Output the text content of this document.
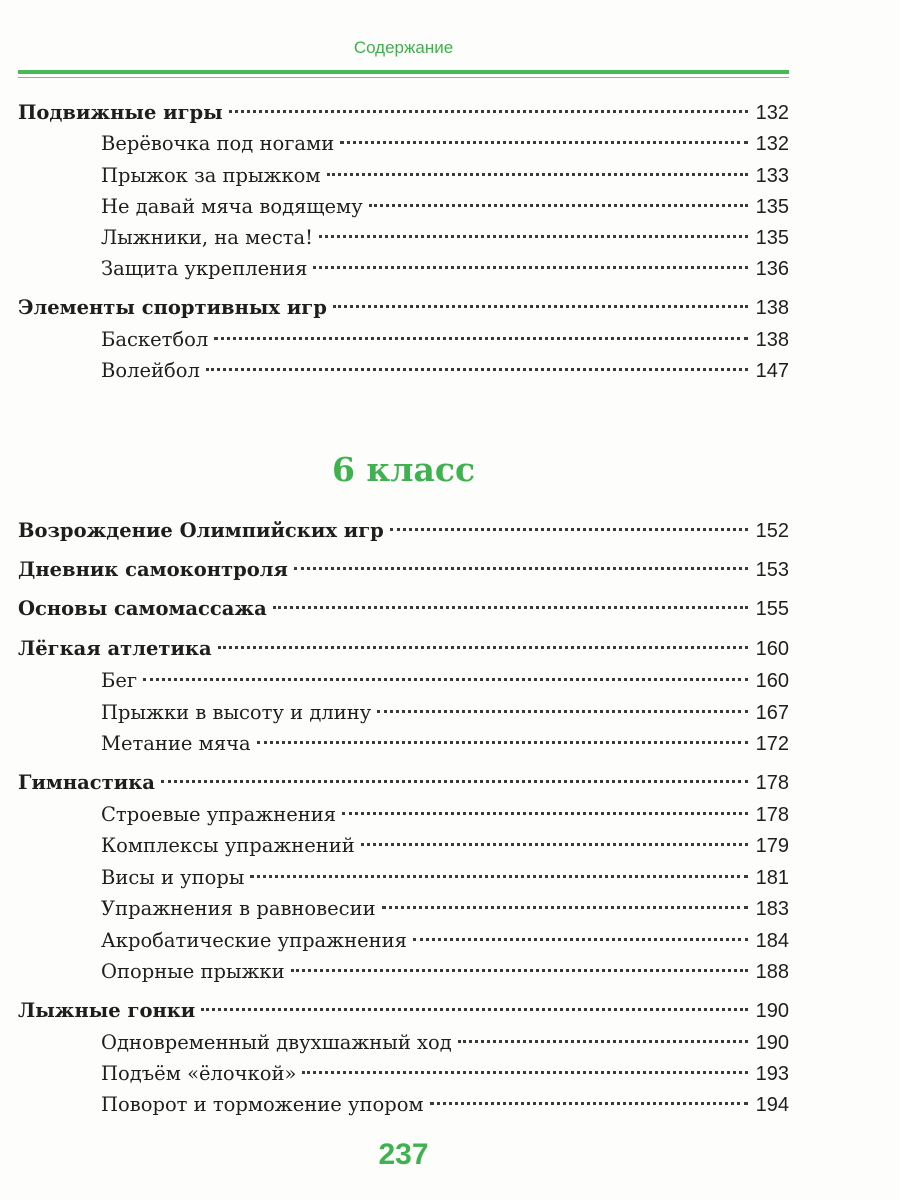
Содержание
Подвижные игры	132
Верёвочка под ногами	132
Прыжок за прыжком	133
Не давай мяча водящему	135
Лыжники, на места!	135
Защита укрепления	136
Элементы спортивных игр	138
Баскетбол	138
Волейбол	147
6 класс
Возрождение Олимпийских игр	152
Дневник самоконтроля	153
Основы самомассажа	155
Лёгкая атлетика	160
Бег	160
Прыжки в высоту и длину	167
Метание мяча	172
Гимнастика	178
Строевые упражнения	178
Комплексы упражнений	179
Висы и упоры	181
Упражнения в равновесии	183
Акробатические упражнения	184
Опорные прыжки	188
Лыжные гонки	190
Одновременный двухшажный ход	190
Подъём «ёлочкой»	193
Поворот и торможение упором	194
237
